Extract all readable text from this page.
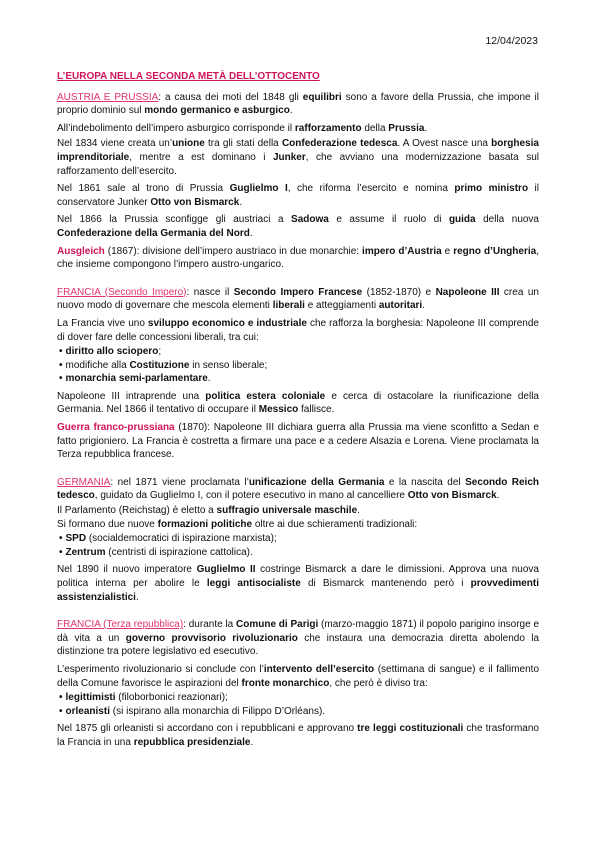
12/04/2023
L’EUROPA NELLA SECONDA METÀ DELL’OTTOCENTO

AUSTRIA E PRUSSIA: a causa dei moti del 1848 gli equilibri sono a favore della Prussia, che impone il proprio dominio sul mondo germanico e asburgico.

All’indebolimento dell’impero asburgico corrisponde il rafforzamento della Prussia.

Nel 1834 viene creata un’unione tra gli stati della Confederazione tedesca. A Ovest nasce una borghesia imprenditoriale, mentre a est dominano i Junker, che avviano una modernizzazione basata sul rafforzamento dell’esercito.

Nel 1861 sale al trono di Prussia Guglielmo I, che riforma l’esercito e nomina primo ministro il conservatore Junker Otto von Bismarck.

Nel 1866 la Prussia sconfigge gli austriaci a Sadowa e assume il ruolo di guida della nuova Confederazione della Germania del Nord.

Ausgleich (1867): divisione dell’impero austriaco in due monarchie: impero d’Austria e regno d’Ungheria, che insieme compongono l’impero austro-ungarico.

FRANCIA (Secondo Impero): nasce il Secondo Impero Francese (1852-1870) e Napoleone III crea un nuovo modo di governare che mescola elementi liberali e atteggiamenti autoritari.

La Francia vive uno sviluppo economico e industriale che rafforza la borghesia: Napoleone III comprende di dover fare delle concessioni liberali, tra cui:

• diritto allo sciopero;
• modifiche alla Costituzione in senso liberale;
• monarchia semi-parlamentare.

Napoleone III intraprende una politica estera coloniale e cerca di ostacolare la riunificazione della Germania. Nel 1866 il tentativo di occupare il Messico fallisce.

Guerra franco-prussiana (1870): Napoleone III dichiara guerra alla Prussia ma viene sconfitto a Sedan e fatto prigioniero. La Francia è costretta a firmare una pace e a cedere Alsazia e Lorena. Viene proclamata la Terza repubblica francese.

GERMANIA: nel 1871 viene proclamata l’unificazione della Germania e la nascita del Secondo Reich tedesco, guidato da Guglielmo I, con il potere esecutivo in mano al cancelliere Otto von Bismarck.

Il Parlamento (Reichstag) è eletto a suffragio universale maschile.

Si formano due nuove formazioni politiche oltre ai due schieramenti tradizionali:

• SPD (socialdemocratici di ispirazione marxista);
• Zentrum (centristi di ispirazione cattolica).

Nel 1890 il nuovo imperatore Guglielmo II costringe Bismarck a dare le dimissioni. Approva una nuova politica interna per abolire le leggi antisocialiste di Bismarck mantenendo però i provvedimenti assistenzialistici.

FRANCIA (Terza repubblica): durante la Comune di Parigi (marzo-maggio 1871) il popolo parigino insorge e dà vita a un governo provvisorio rivoluzionario che instaura una democrazia diretta abolendo la distinzione tra potere legislativo ed esecutivo.

L’esperimento rivoluzionario si conclude con l’intervento dell’esercito (settimana di sangue) e il fallimento della Comune favorisce le aspirazioni del fronte monarchico, che però è diviso tra:

• legittimisti (filoborbonici reazionari);
• orleanisti (si ispirano alla monarchia di Filippo D’Orléans).

Nel 1875 gli orleanisti si accordano con i repubblicani e approvano tre leggi costituzionali che trasformano la Francia in una repubblica presidenziale.
